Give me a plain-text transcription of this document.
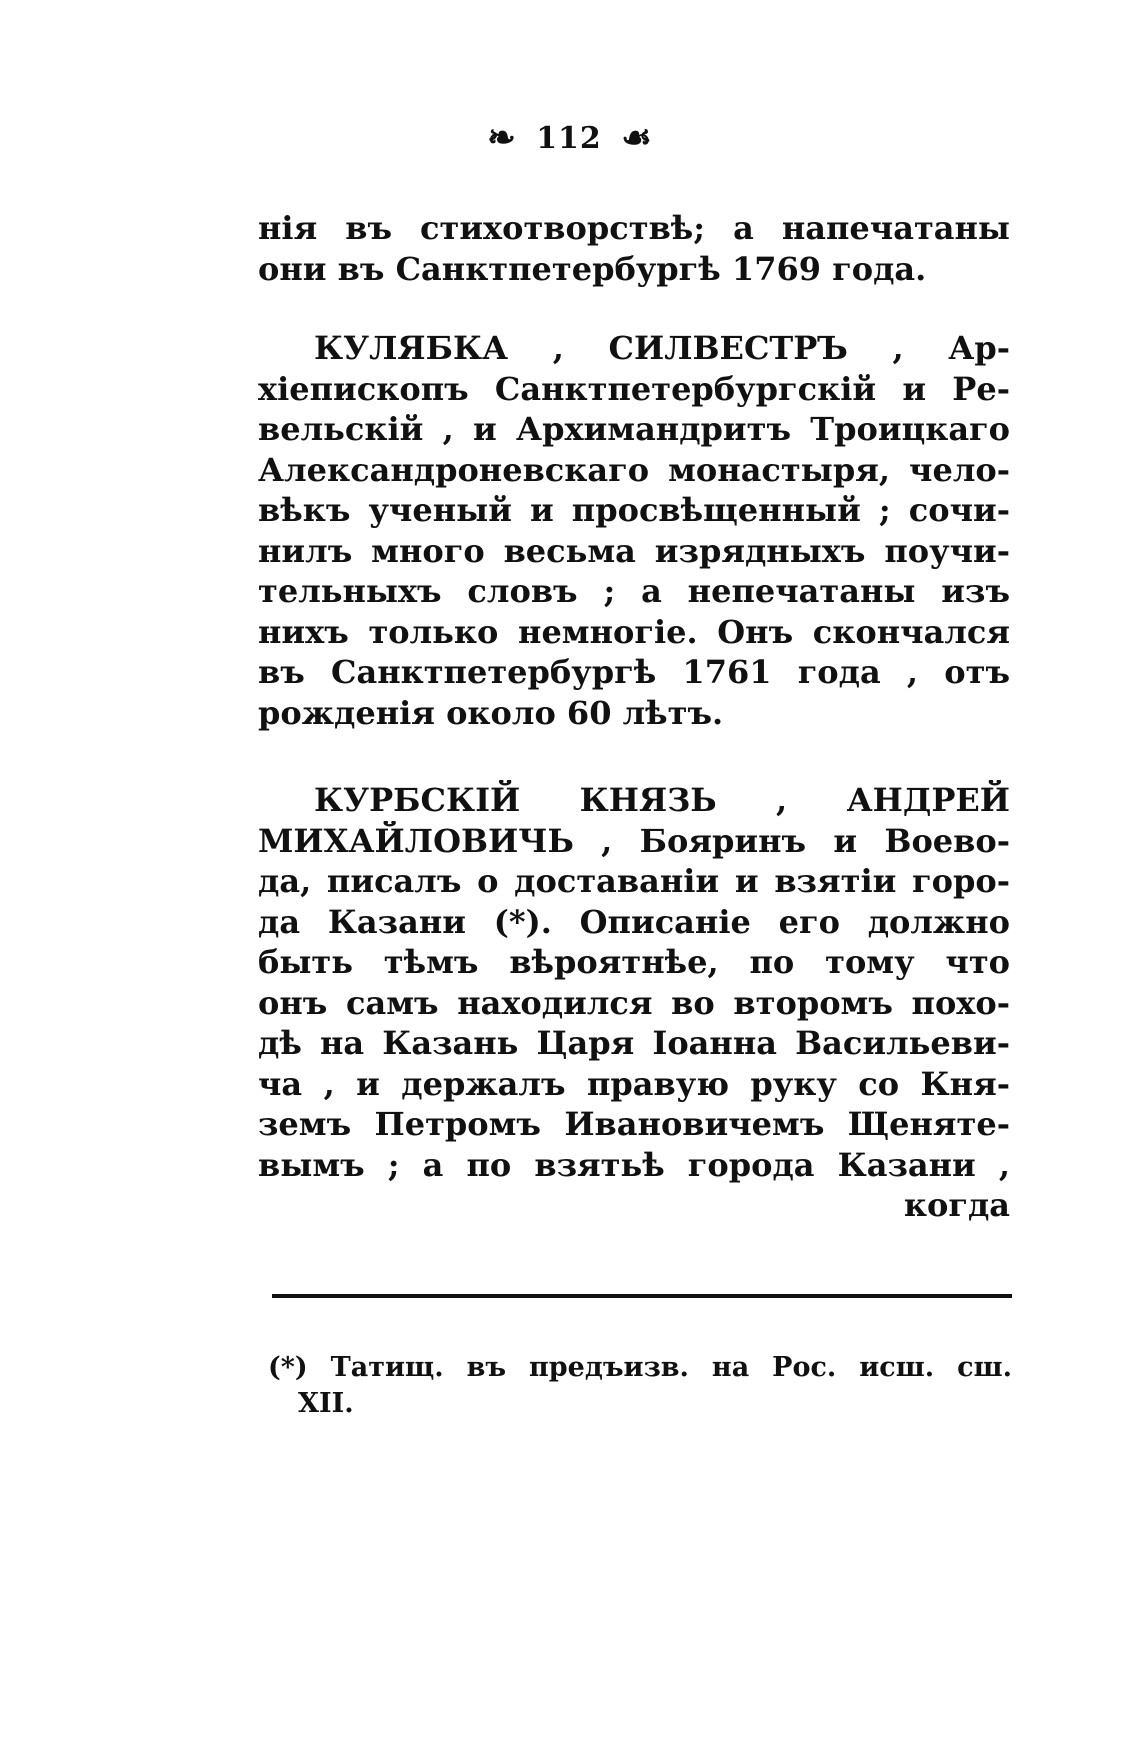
❧ 112 ☙
нія въ стихотворствѣ; а напечатаны
они въ Санктпетербургѣ 1769 года.
КУЛЯБКА , СИЛВЕСТРЪ , Ар-
хіепископъ Санктпетербургскій и Ре-
вельскій , и Архимандритъ Троицкаго
Александроневскаго монастыря, чело-
вѣкъ ученый и просвѣщенный ; сочи-
нилъ много весьма изрядныхъ поучи-
тельныхъ словъ ; а непечатаны изъ
нихъ только немногіе. Онъ скончался
въ Санктпетербургѣ 1761 года , отъ
рожденія около 60 лѣтъ.
КУРБСКІЙ КНЯЗЬ , АНДРЕЙ
МИХАЙЛОВИЧЬ , Бояринъ и Воево-
да, писалъ о доставаніи и взятіи горо-
да Казани (*). Описаніе его должно
быть тѣмъ вѣроятнѣе, по тому что
онъ самъ находился во второмъ похо-
дѣ на Казань Царя Іоанна Васильеви-
ча , и держалъ правую руку со Кня-
земъ Петромъ Ивановичемъ Щеняте-
вымъ ; а по взятьѣ города Казани ,
когда
(*) Татищ. въ предъизв. на Рос. исш. сш.
XII.
